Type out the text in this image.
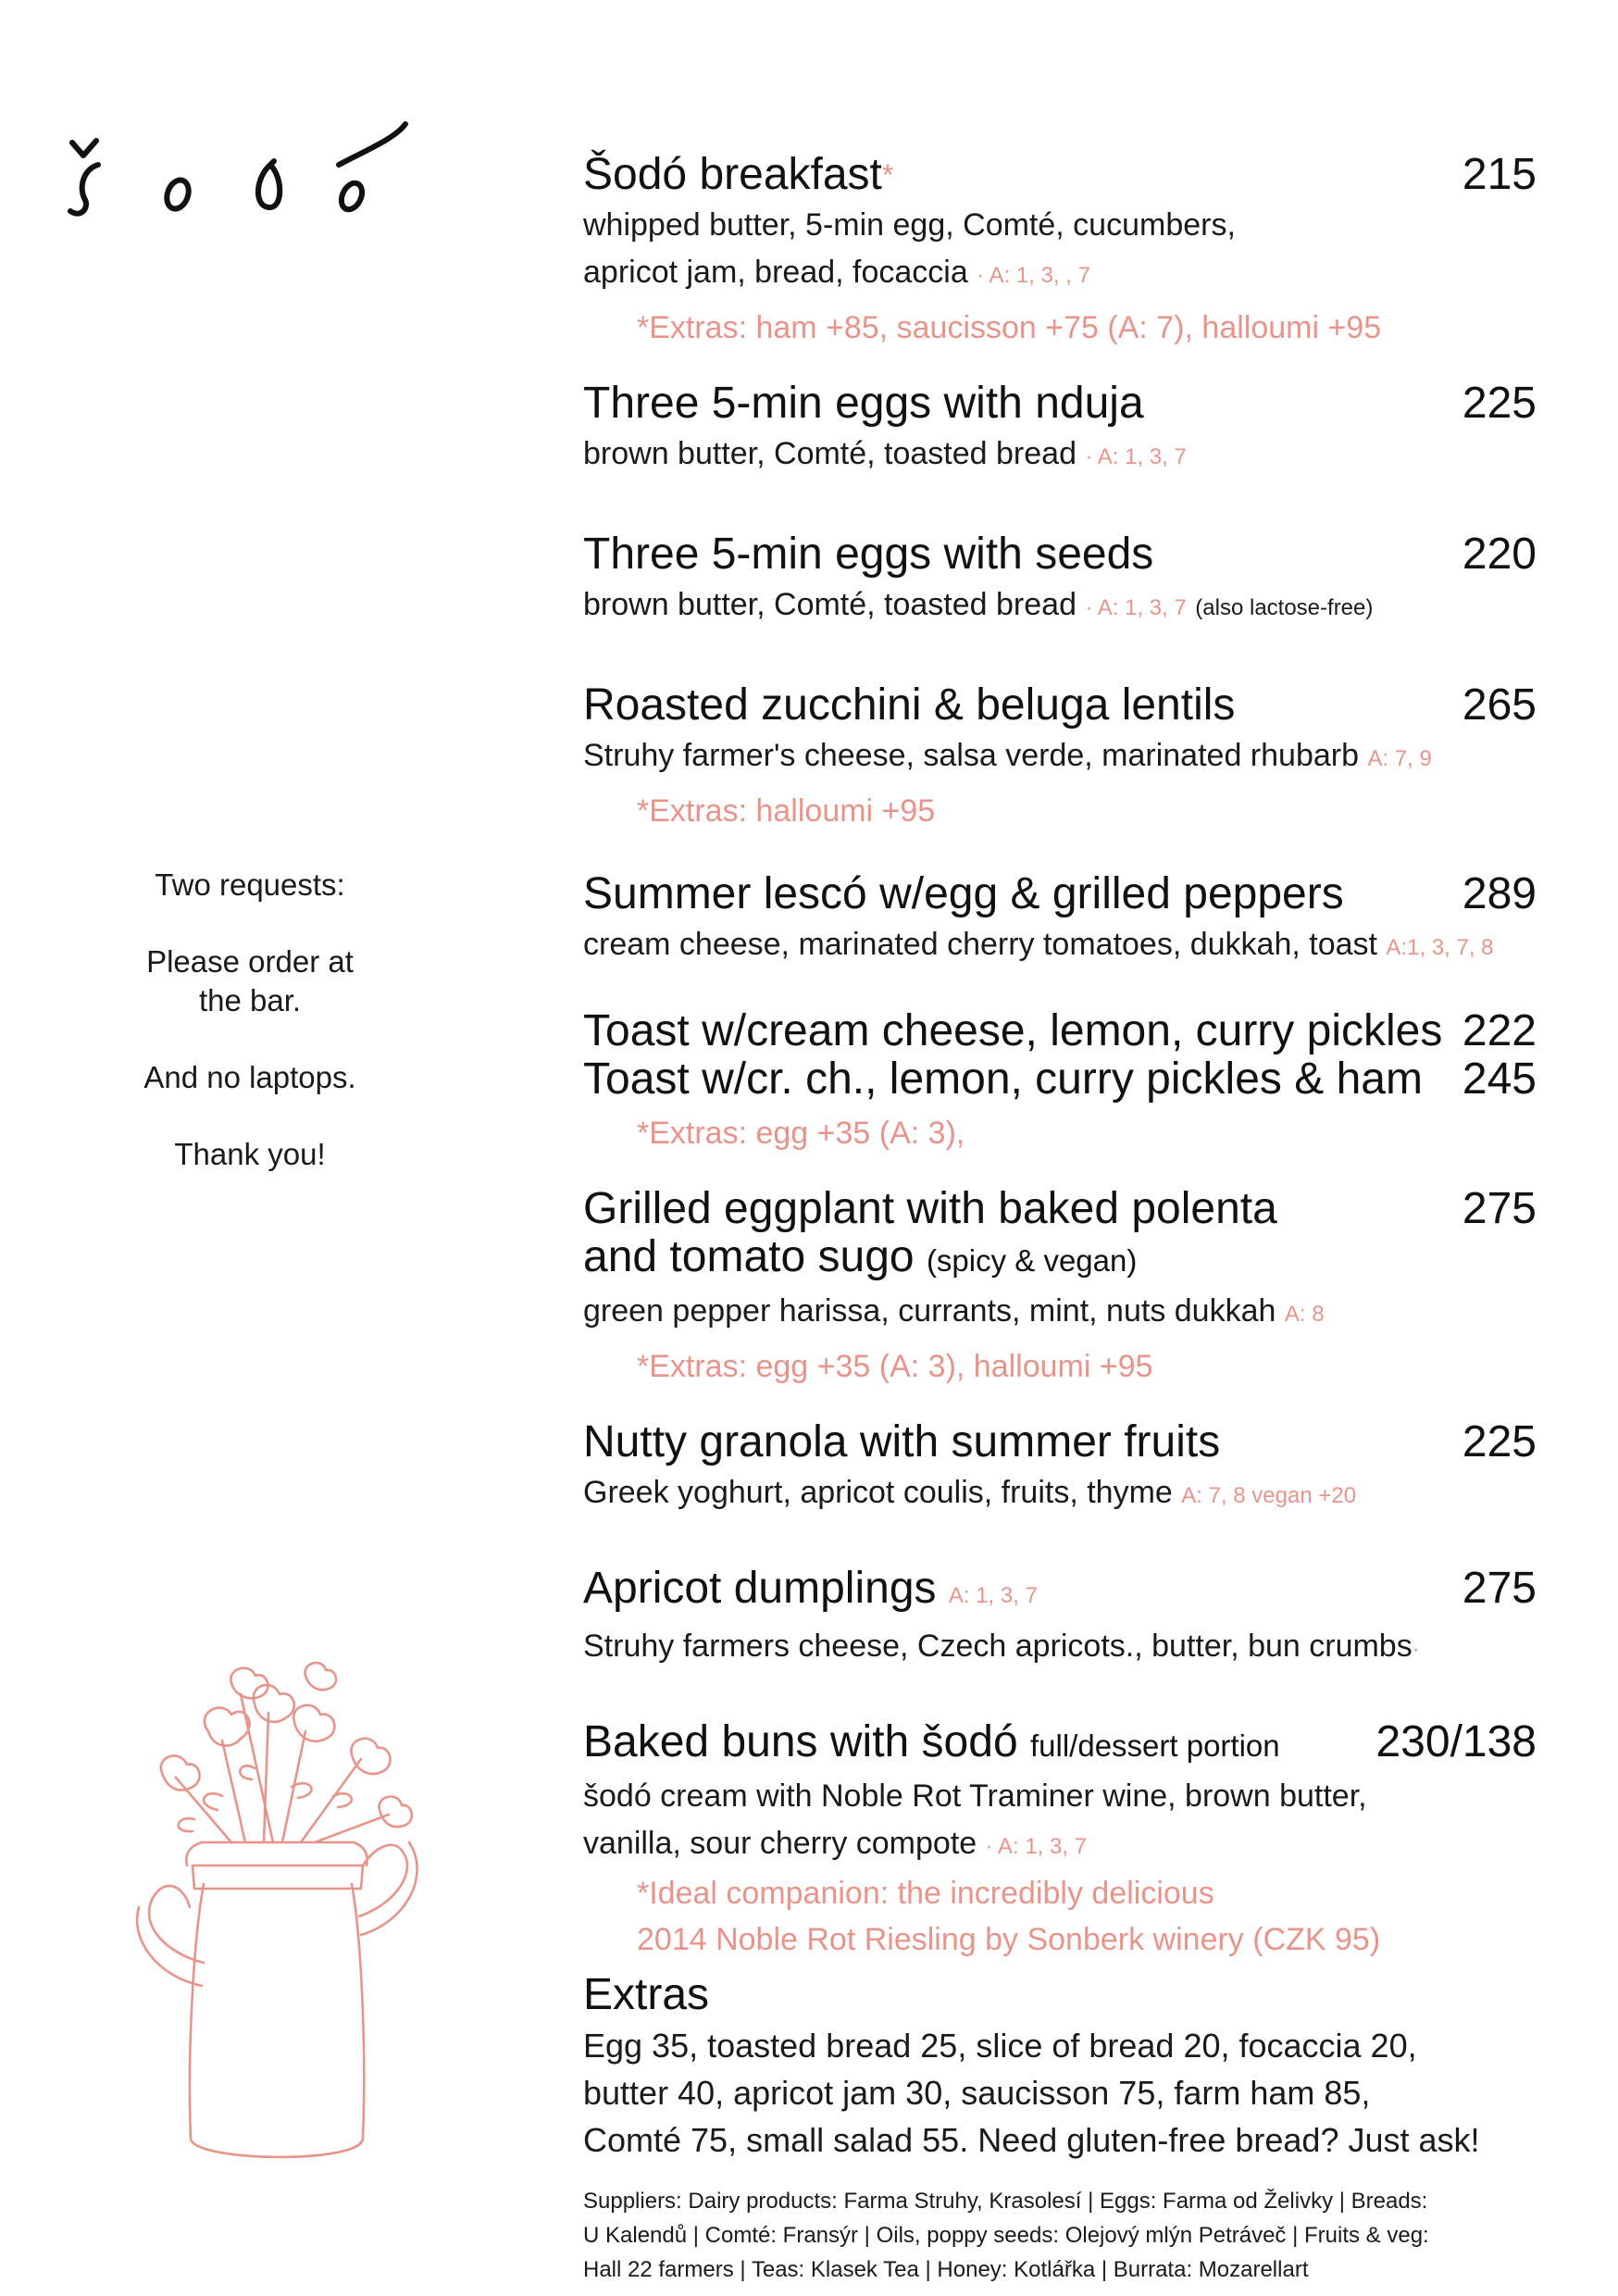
Two requests:

Please order at
the bar.

And no laptops.

Thank you!

Šodó breakfast*	215
whipped butter, 5-min egg, Comté, cucumbers,
apricot jam, bread, focaccia · A: 1, 3, , 7
*Extras: ham +85, saucisson +75 (A: 7), halloumi +95
Three 5-min eggs with nduja	225
brown butter, Comté, toasted bread · A: 1, 3, 7
Three 5-min eggs with seeds	220
brown butter, Comté, toasted bread · A: 1, 3, 7 (also lactose-free)
Roasted zucchini & beluga lentils	265
Struhy farmer's cheese, salsa verde, marinated rhubarb A: 7, 9
*Extras: halloumi +95
Summer lescó w/egg & grilled peppers	289
cream cheese, marinated cherry tomatoes, dukkah, toast A:1, 3, 7, 8
Toast w/cream cheese, lemon, curry pickles 222
Toast w/cr. ch., lemon, curry pickles & ham 245
*Extras: egg +35 (A: 3),
Grilled eggplant with baked polenta	275
and tomato sugo (spicy & vegan)
green pepper harissa, currants, mint, nuts dukkah A: 8
*Extras: egg +35 (A: 3), halloumi +95
Nutty granola with summer fruits	225
Greek yoghurt, apricot coulis, fruits, thyme A: 7, 8 vegan +20
Apricot dumplings A: 1, 3, 7	275
Struhy farmers cheese, Czech apricots., butter, bun crumbs·
Baked buns with šodó full/dessert portion 230/138
šodó cream with Noble Rot Traminer wine, brown butter,
vanilla, sour cherry compote · A: 1, 3, 7
*Ideal companion: the incredibly delicious
2014 Noble Rot Riesling by Sonberk winery (CZK 95)
Extras
Egg 35, toasted bread 25, slice of bread 20, focaccia 20,
butter 40, apricot jam 30, saucisson 75, farm ham 85,
Comté 75, small salad 55. Need gluten-free bread? Just ask!
Suppliers: Dairy products: Farma Struhy, Krasolesí | Eggs: Farma od Želivky | Breads:
U Kalendů | Comté: Fransýr | Oils, poppy seeds: Olejový mlýn Petráveč | Fruits & veg:
Hall 22 farmers | Teas: Klasek Tea | Honey: Kotlářka | Burrata: Mozarellart
